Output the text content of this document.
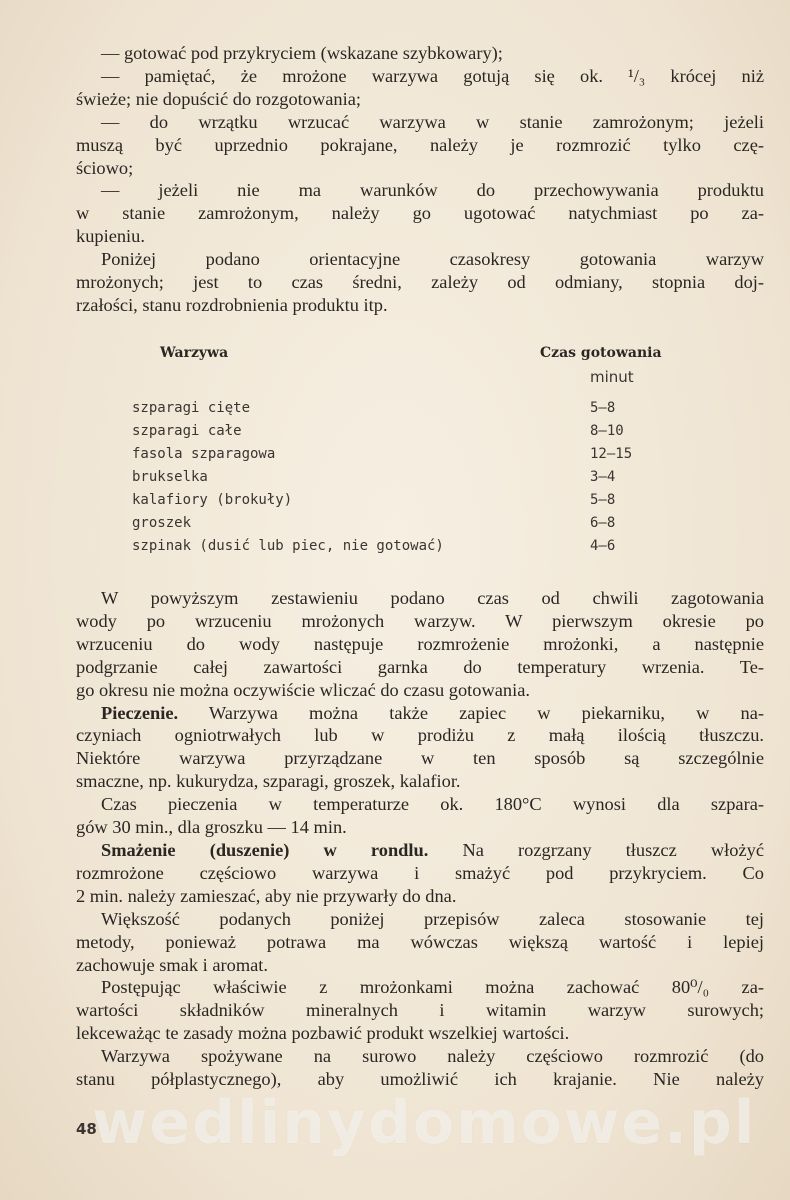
— gotować pod przykryciem (wskazane szybkowary);
— pamiętać, że mrożone warzywa gotują się ok. ¹/₃ krócej niż
świeże; nie dopuścić do rozgotowania;
— do wrzątku wrzucać warzywa w stanie zamrożonym; jeżeli
muszą być uprzednio pokrajane, należy je rozmrozić tylko czę-
ściowo;
— jeżeli nie ma warunków do przechowywania produktu
w stanie zamrożonym, należy go ugotować natychmiast po za-
kupieniu.
Poniżej podano orientacyjne czasokresy gotowania warzyw
mrożonych; jest to czas średni, zależy od odmiany, stopnia doj-
rzałości, stanu rozdrobnienia produktu itp.
Warzywa	Czas gotowania
minut
szparagi cięte	5—8
szparagi całe	8—10
fasola szparagowa	12—15
brukselka	3—4
kalafiory (brokuły)	5—8
groszek	6—8
szpinak (dusić lub piec, nie gotować)	4—6
W powyższym zestawieniu podano czas od chwili zagotowania
wody po wrzuceniu mrożonych warzyw. W pierwszym okresie po
wrzuceniu do wody następuje rozmrożenie mrożonki, a następnie
podgrzanie całej zawartości garnka do temperatury wrzenia. Te-
go okresu nie można oczywiście wliczać do czasu gotowania.
Pieczenie. Warzywa można także zapiec w piekarniku, w na-
czyniach ogniotrwałych lub w prodiżu z małą ilością tłuszczu.
Niektóre warzywa przyrządzane w ten sposób są szczególnie
smaczne, np. kukurydza, szparagi, groszek, kalafior.
Czas pieczenia w temperaturze ok. 180°C wynosi dla szpara-
gów 30 min., dla groszku — 14 min.
Smażenie (duszenie) w rondlu. Na rozgrzany tłuszcz włożyć
rozmrożone częściowo warzywa i smażyć pod przykryciem. Co
2 min. należy zamieszać, aby nie przywarły do dna.
Większość podanych poniżej przepisów zaleca stosowanie tej
metody, ponieważ potrawa ma wówczas większą wartość i lepiej
zachowuje smak i aromat.
Postępując właściwie z mrożonkami można zachować 80⁰/₀ za-
wartości składników mineralnych i witamin warzyw surowych;
lekceważąc te zasady można pozbawić produkt wszelkiej wartości.
Warzywa spożywane na surowo należy częściowo rozmrozić (do
stanu półplastycznego), aby umożliwić ich krajanie. Nie należy
wedlinydomowe.pl
48
